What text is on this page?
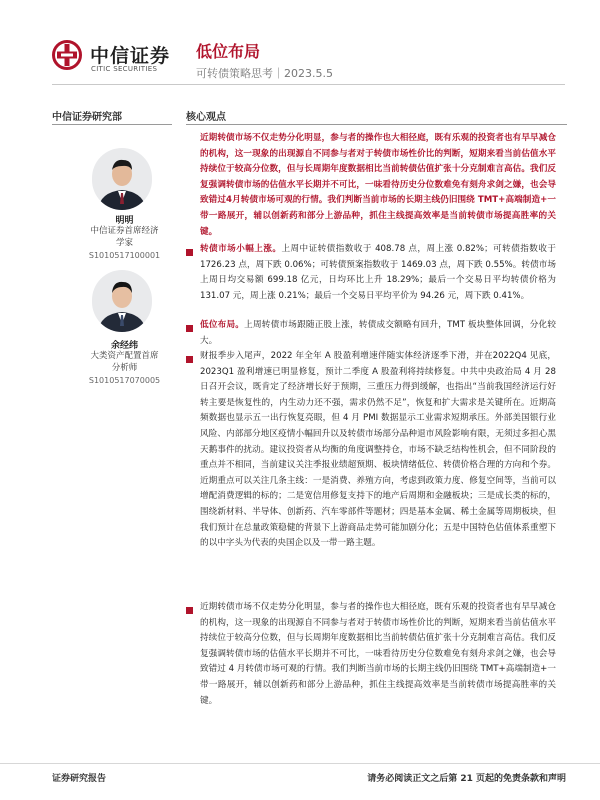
中信证券
CITIC SECURITIES
低位布局
可转债策略思考｜2023.5.5
中信证券研究部
明明
中信证券首席经济
学家
S1010517100001
余经纬
大类资产配置首席
分析师
S1010517070005
核心观点
近期转债市场不仅走势分化明显，参与者的操作也大相径庭，既有乐观的投资者也有早早减仓的机构，这一现象的出现源自不同参与者对于转债市场性价比的判断，短期来看当前估值水平持续位于较高分位数，但与长周期年度数据相比当前转债估值扩张十分克制难言高估。我们反复强调转债市场的估值水平长期并不可比，一味看待历史分位数难免有刻舟求剑之嫌，也会导致错过4月转债市场可观的行情。我们判断当前市场的长期主线仍旧围绕 TMT+高端制造+一带一路展开，辅以创新药和部分上游品种，抓住主线提高效率是当前转债市场提高胜率的关键。
转债市场小幅上涨。上周中证转债指数收于 408.78 点，周上涨 0.82%；可转债指数收于 1726.23 点，周下跌 0.06%；可转债预案指数收于 1469.03 点，周下跌 0.55%。转债市场上周日均交易额 699.18 亿元，日均环比上升 18.29%；最后一个交易日平均转债价格为 131.07 元，周上涨 0.21%；最后一个交易日平均平价为 94.26 元，周下跌 0.41%。
低位布局。上周转债市场跟随正股上涨，转债成交额略有回升，TMT 板块整体回调，分化较大。
财报季步入尾声，2022 年全年 A 股盈利增速伴随实体经济逐季下滑，并在2022Q4 见底，2023Q1 盈利增速已明显修复，预计二季度 A 股盈利将持续修复。中共中央政治局 4 月 28 日召开会议，既肯定了经济增长好于预期，三重压力得到缓解，也指出“当前我国经济运行好转主要是恢复性的，内生动力还不强，需求仍然不足”，恢复和扩大需求是关键所在。近期高频数据也显示五一出行恢复亮眼，但 4 月 PMI 数据显示工业需求短期承压。外部美国银行业风险、内部部分地区疫情小幅回升以及转债市场部分品种退市风险影响有限，无须过多担心黑天鹅事件的扰动。建议投资者从均衡的角度调整持仓，市场不缺乏结构性机会，但不同阶段的重点并不相同，当前建议关注季报业绩超预期、板块情绪低位、转债价格合理的方向和个券。近期重点可以关注几条主线：一是消费、养殖方向，考虑到政策力度、修复空间等，当前可以增配消费逻辑的标的；二是宽信用修复支持下的地产后周期和金融板块；三是成长类的标的，围绕新材料、半导体、创新药、汽车零部件等题材；四是基本金属、稀土金属等周期板块，但我们预计在总量政策稳健的背景下上游商品走势可能加剧分化；五是中国特色估值体系重塑下的以中字头为代表的央国企以及一带一路主题。
近期转债市场不仅走势分化明显，参与者的操作也大相径庭，既有乐观的投资者也有早早减仓的机构，这一现象的出现源自不同参与者对于转债市场性价比的判断，短期来看当前估值水平持续位于较高分位数，但与长周期年度数据相比当前转债估值扩张十分克制难言高估。我们反复强调转债市场的估值水平长期并不可比，一味看待历史分位数难免有刻舟求剑之嫌，也会导致错过 4 月转债市场可观的行情。我们判断当前市场的长期主线仍旧围绕 TMT+高端制造+一带一路展开，辅以创新药和部分上游品种，抓住主线提高效率是当前转债市场提高胜率的关键。
证券研究报告	请务必阅读正文之后第 21 页起的免责条款和声明
